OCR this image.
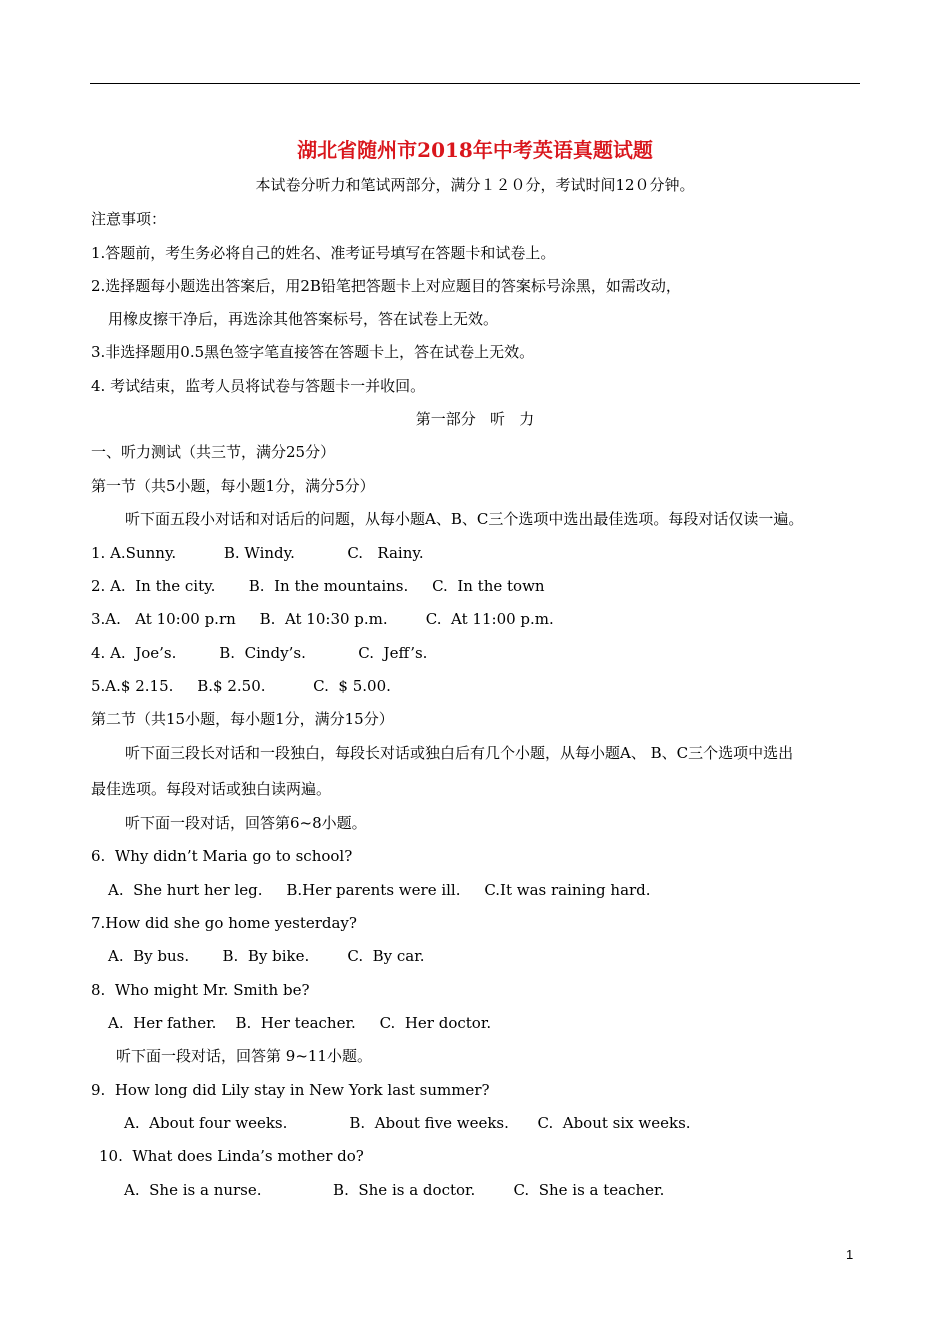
湖北省随州市2018年中考英语真题试题
本试卷分听力和笔试两部分，满分１２０分，考试时间12０分钟。
注意事项：
1.答题前，考生务必将自己的姓名、准考证号填写在答题卡和试卷上。
2.选择题每小题选出答案后，用2B铅笔把答题卡上对应题目的答案标号涂黑，如需改动，
用橡皮擦干净后，再选涂其他答案标号，答在试卷上无效。
3.非选择题用0.5黑色签字笔直接答在答题卡上，答在试卷上无效。
4. 考试结束，监考人员将试卷与答题卡一并收回。
第一部分   听   力
一、听力测试（共三节，满分25分）
第一节（共5小题，每小题1分，满分5分）
听下面五段小对话和对话后的问题，从每小题A、B、C三个选项中选出最佳选项。每段对话仅读一遍。
1. A.Sunny.          B. Windy.           C.   Rainy.
2. A.  In the city.       B.  In the mountains.     C.  In the town
3.A.   At 10:00 p.rn     B.  At 10:30 p.m.        C.  At 11:00 p.m.
4. A.  Joe’s.         B.  Cindy’s.           C.  Jeff’s.
5.A.$ 2.15.     B.$ 2.50.          C.  $ 5.00.
第二节（共15小题，每小题1分，满分15分）
听下面三段长对话和一段独白，每段长对话或独白后有几个小题，从每小题A、 B、C三个选项中选出
最佳选项。每段对话或独白读两遍。
听下面一段对话，回答第6~8小题。
6.  Why didn’t Maria go to school?
A.  She hurt her leg.     B.Her parents were ill.     C.It was raining hard.
7.How did she go home yesterday?
A.  By bus.       B.  By bike.        C.  By car.
8.  Who might Mr. Smith be?
A.  Her father.    B.  Her teacher.     C.  Her doctor.
听下面一段对话，回答第 9~11小题。
9.  How long did Lily stay in New York last summer?
A.  About four weeks.             B.  About five weeks.      C.  About six weeks.
10.  What does Linda’s mother do?
A.  She is a nurse.               B.  She is a doctor.        C.  She is a teacher.
1
